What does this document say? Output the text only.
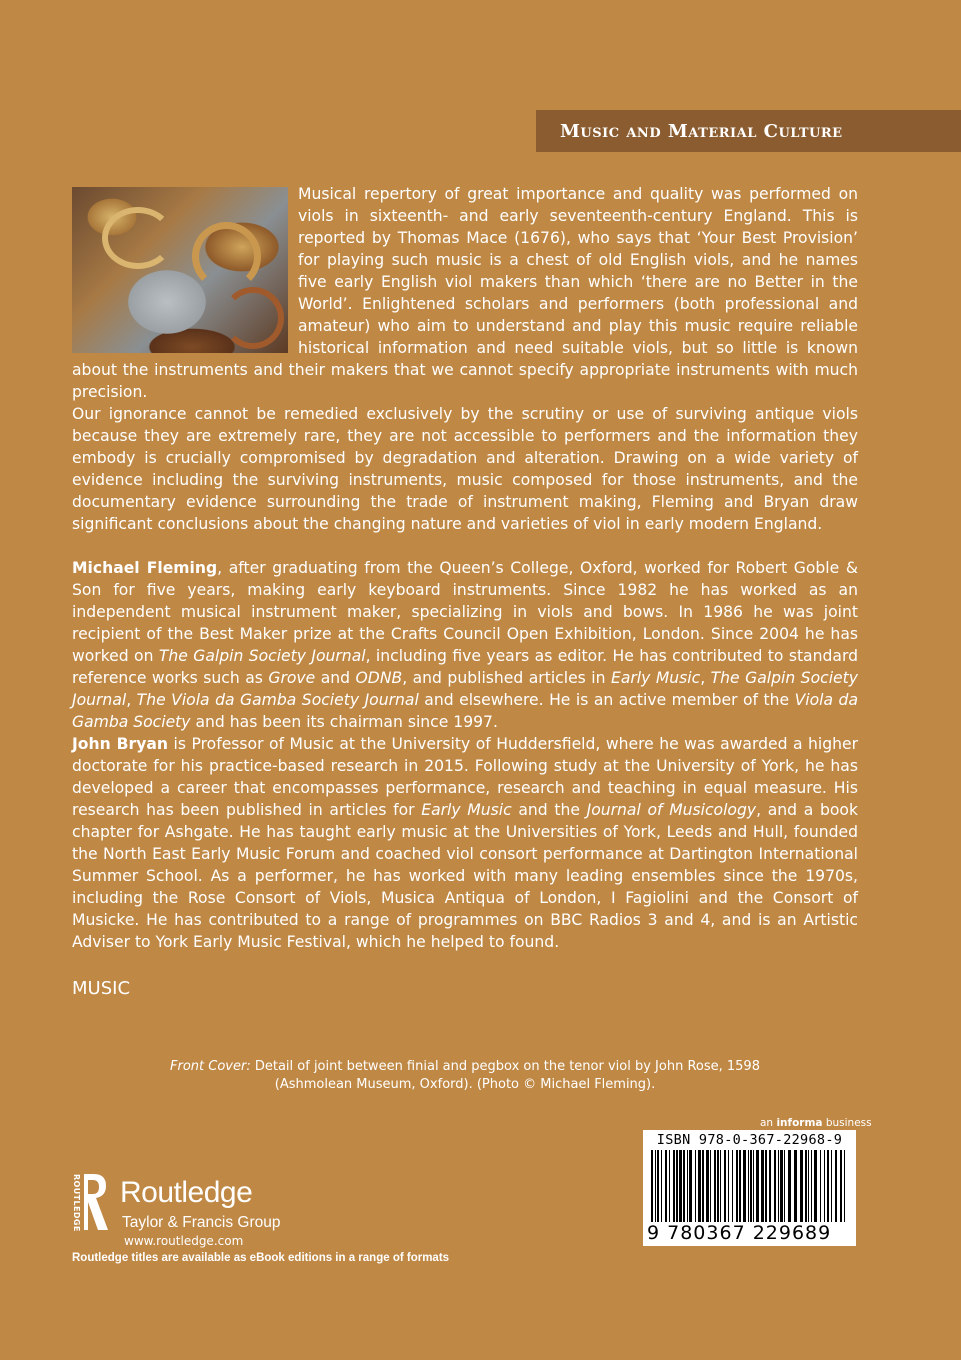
Music and Material Culture

Musical repertory of great importance and quality was performed on viols in sixteenth- and early seventeenth-century England. This is reported by Thomas Mace (1676), who says that ‘Your Best Provision’ for playing such music is a chest of old English viols, and he names five early English viol makers than which ‘there are no Better in the World’. Enlightened scholars and performers (both professional and amateur) who aim to understand and play this music require reliable historical information and need suitable viols, but so little is known about the instruments and their makers that we cannot specify appropriate instruments with much precision.

Our ignorance cannot be remedied exclusively by the scrutiny or use of surviving antique viols because they are extremely rare, they are not accessible to performers and the information they embody is crucially compromised by degradation and alteration. Drawing on a wide variety of evidence including the surviving instruments, music composed for those instruments, and the documentary evidence surrounding the trade of instrument making, Fleming and Bryan draw significant conclusions about the changing nature and varieties of viol in early modern England.

Michael Fleming, after graduating from the Queen’s College, Oxford, worked for Robert Goble & Son for five years, making early keyboard instruments. Since 1982 he has worked as an independent musical instrument maker, specializing in viols and bows. In 1986 he was joint recipient of the Best Maker prize at the Crafts Council Open Exhibition, London. Since 2004 he has worked on The Galpin Society Journal, including five years as editor. He has contributed to standard reference works such as Grove and ODNB, and published articles in Early Music, The Galpin Society Journal, The Viola da Gamba Society Journal and elsewhere. He is an active member of the Viola da Gamba Society and has been its chairman since 1997.

John Bryan is Professor of Music at the University of Huddersfield, where he was awarded a higher doctorate for his practice-based research in 2015. Following study at the University of York, he has developed a career that encompasses performance, research and teaching in equal measure. His research has been published in articles for Early Music and the Journal of Musicology, and a book chapter for Ashgate. He has taught early music at the Universities of York, Leeds and Hull, founded the North East Early Music Forum and coached viol consort performance at Dartington International Summer School. As a performer, he has worked with many leading ensembles since the 1970s, including the Rose Consort of Viols, Musica Antiqua of London, I Fagiolini and the Consort of Musicke. He has contributed to a range of programmes on BBC Radios 3 and 4, and is an Artistic Adviser to York Early Music Festival, which he helped to found.

MUSIC
Front Cover: Detail of joint between finial and pegbox on the tenor viol by John Rose, 1598
(Ashmolean Museum, Oxford). (Photo © Michael Fleming).
an informa business
ISBN 978-0-367-22968-9
9 780367 229689
ROUTLEDGE Routledge
Taylor & Francis Group
www.routledge.com
Routledge titles are available as eBook editions in a range of formats
